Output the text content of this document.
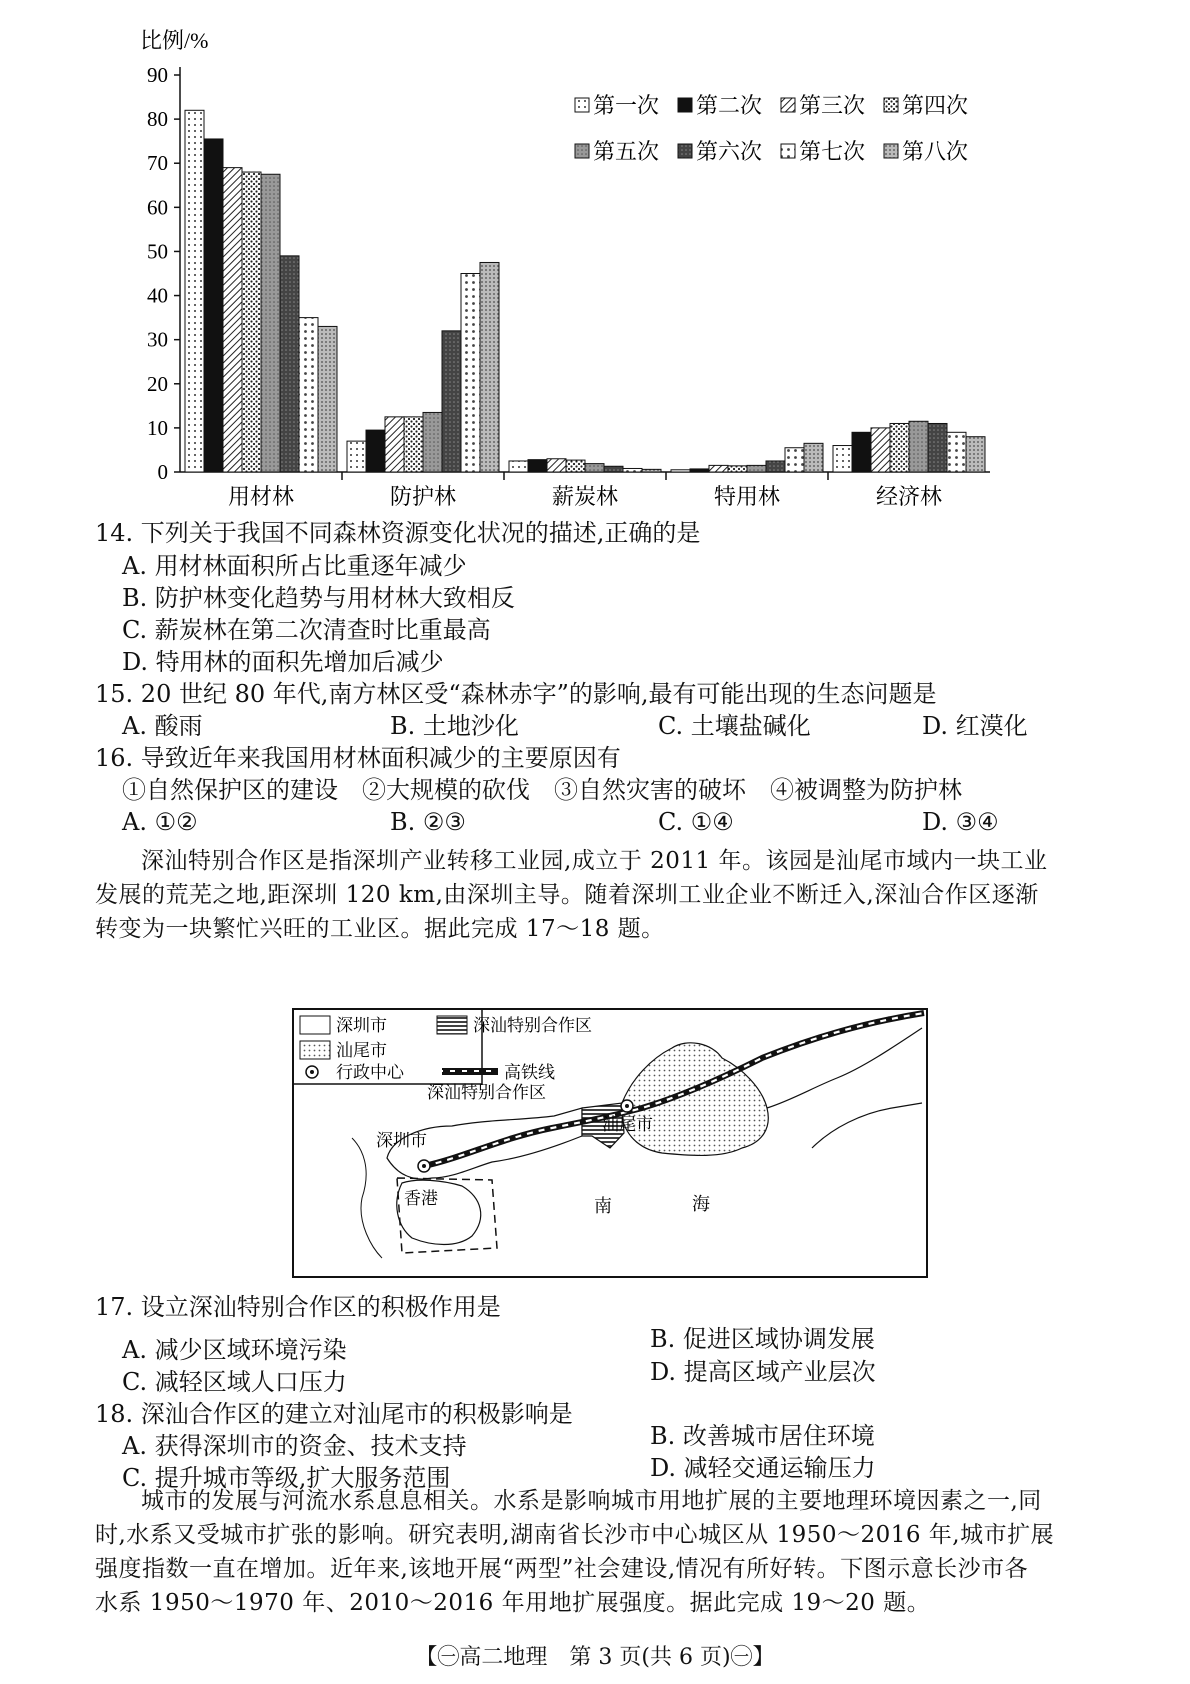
比例/%
0
10
20
30
40
50
60
70
80
90
用材林	防护林	薪炭林	特用林	经济林
第一次 第二次 第三次 第四次
第五次 第六次 第七次 第八次
14. 下列关于我国不同森林资源变化状况的描述,正确的是
A. 用材林面积所占比重逐年减少
B. 防护林变化趋势与用材林大致相反
C. 薪炭林在第二次清查时比重最高
D. 特用林的面积先增加后减少
15. 20 世纪 80 年代,南方林区受“森林赤字”的影响,最有可能出现的生态问题是
A. 酸雨	B. 土地沙化	C. 土壤盐碱化	D. 红漠化
16. 导致近年来我国用材林面积减少的主要原因有
①自然保护区的建设　②大规模的砍伐　③自然灾害的破坏　④被调整为防护林
A. ①②	B. ②③	C. ①④	D. ③④
深汕特别合作区是指深圳产业转移工业园,成立于 2011 年。该园是汕尾市域内一块工业
发展的荒芜之地,距深圳 120 km,由深圳主导。随着深圳工业企业不断迁入,深汕合作区逐渐
转变为一块繁忙兴旺的工业区。据此完成 17～18 题。
深圳市	深汕特别合作区
汕尾市
行政中心	高铁线
深汕特别合作区
深圳市
汕尾市
香港	南	海
17. 设立深汕特别合作区的积极作用是
B. 促进区域协调发展
A. 减少区域环境污染
D. 提高区域产业层次
C. 减轻区域人口压力
18. 深汕合作区的建立对汕尾市的积极影响是
B. 改善城市居住环境
A. 获得深圳市的资金、技术支持
D. 减轻交通运输压力
C. 提升城市等级,扩大服务范围
城市的发展与河流水系息息相关。水系是影响城市用地扩展的主要地理环境因素之一,同
时,水系又受城市扩张的影响。研究表明,湖南省长沙市中心城区从 1950～2016 年,城市扩展
强度指数一直在增加。近年来,该地开展“两型”社会建设,情况有所好转。下图示意长沙市各
水系 1950～1970 年、2010～2016 年用地扩展强度。据此完成 19～20 题。
【㊀高二地理　第 3 页(共 6 页)㊀】
